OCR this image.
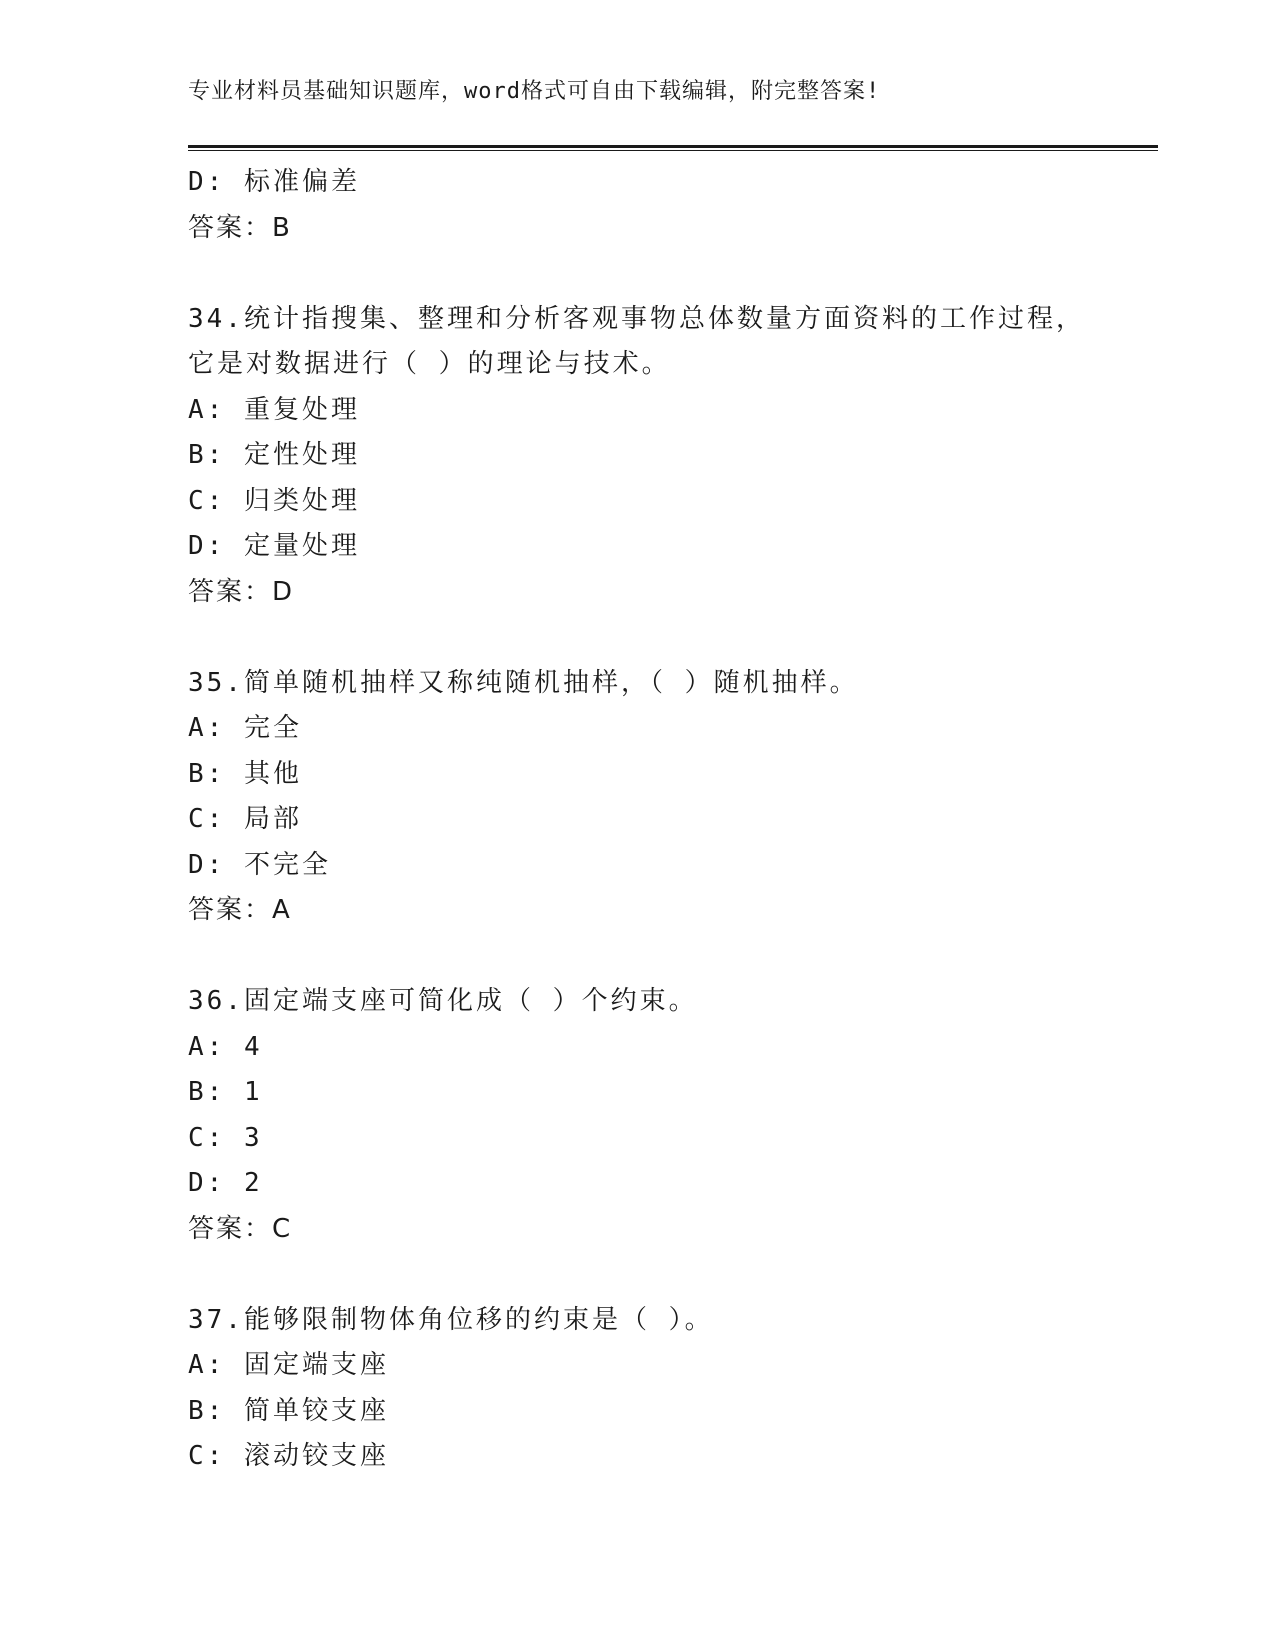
专业材料员基础知识题库，word格式可自由下载编辑，附完整答案!
D: 标准偏差
答案：B
34.统计指搜集、整理和分析客观事物总体数量方面资料的工作过程，
它是对数据进行（ ）的理论与技术。
A: 重复处理
B: 定性处理
C: 归类处理
D: 定量处理
答案：D
35.简单随机抽样又称纯随机抽样，（ ）随机抽样。
A: 完全
B: 其他
C: 局部
D: 不完全
答案：A
36.固定端支座可简化成（ ）个约束。
A: 4
B: 1
C: 3
D: 2
答案：C
37.能够限制物体角位移的约束是（ ）。
A: 固定端支座
B: 简单铰支座
C: 滚动铰支座
